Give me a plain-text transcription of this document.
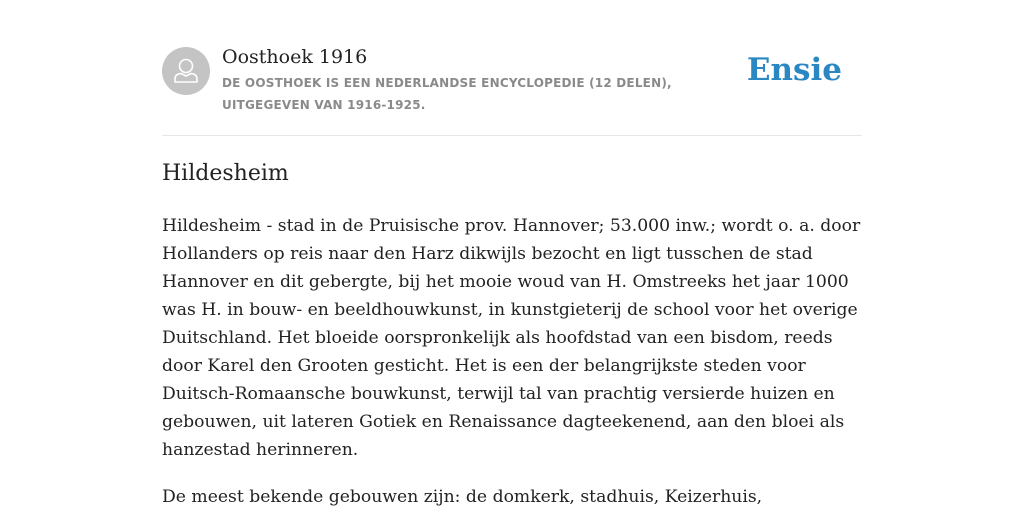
Oosthoek 1916
DE OOSTHOEK IS EEN NEDERLANDSE ENCYCLOPEDIE (12 DELEN), UITGEGEVEN VAN 1916-1925.
Ensie
Hildesheim

Hildesheim - stad in de Pruisische prov. Hannover; 53.000 inw.; wordt o. a. door Hollanders op reis naar den Harz dikwijls bezocht en ligt tusschen de stad Hannover en dit gebergte, bij het mooie woud van H. Omstreeks het jaar 1000 was H. in bouw- en beeldhouwkunst, in kunstgieterij de school voor het overige Duitschland. Het bloeide oorspronkelijk als hoofdstad van een bisdom, reeds door Karel den Grooten gesticht. Het is een der belangrijkste steden voor Duitsch-Romaansche bouwkunst, terwijl tal van prachtig versierde huizen en gebouwen, uit lateren Gotiek en Renaissance dagteekenend, aan den bloei als hanzestad herinneren.

De meest bekende gebouwen zijn: de domkerk, stadhuis, Keizerhuis,
